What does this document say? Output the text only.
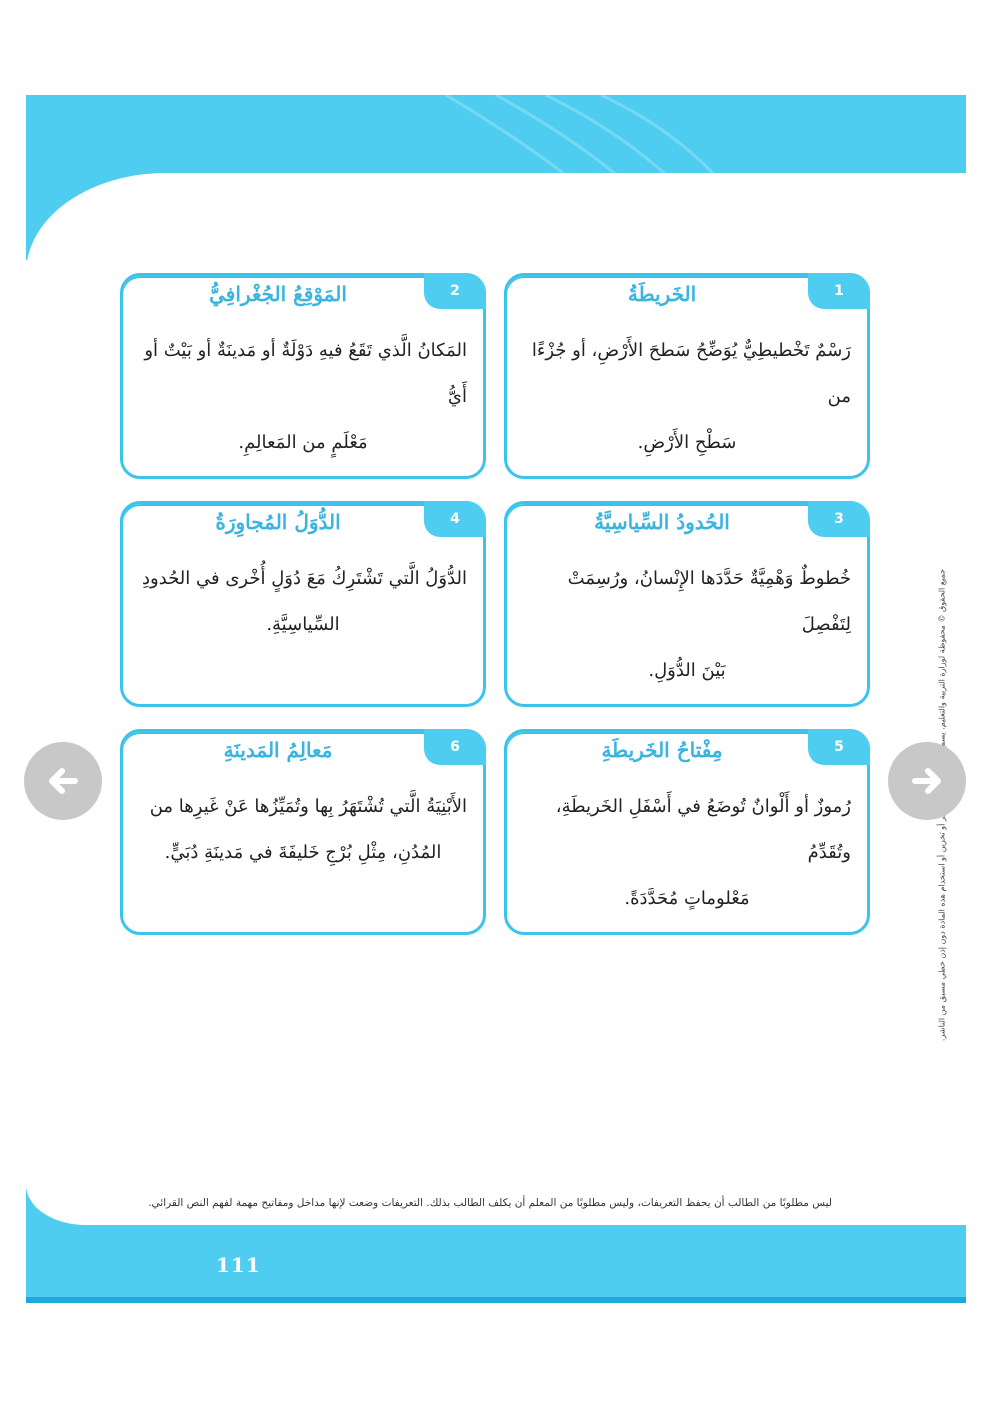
1
الخَريطَةُ
رَسْمٌ تَخْطيطِيٌّ يُوَضِّحُ سَطحَ الأَرْضِ، أو جُزْءًا من
سَطْحِ الأَرْضِ.
2
المَوْقِعُ الجُغْرافِيُّ
المَكانُ الَّذي تَقَعُ فيهِ دَوْلَةٌ أو مَدينَةٌ أو بَيْتٌ أو أَيُّ
مَعْلَمٍ من المَعالِمِ.
3
الحُدودُ السِّياسِيَّةُ
خُطوطٌ وَهْمِيَّةٌ حَدَّدَها الإِنْسانُ، ورُسِمَتْ لِتَفْصِلَ
بَيْنَ الدُّوَلِ.
4
الدُّوَلُ المُجاوِرَةُ
الدُّوَلُ الَّتي تَشْتَرِكُ مَعَ دُوَلٍ أُخْرى في الحُدودِ
السِّياسِيَّةِ.
5
مِفْتاحُ الخَريطَةِ
رُموزٌ أو أَلْوانٌ تُوضَعُ في أَسْفَلِ الخَريطَةِ، وتُقَدِّمُ
مَعْلوماتٍ مُحَدَّدَةً.
6
مَعالِمُ المَدينَةِ
الأَبْنِيَةُ الَّتي تُشْتَهَرُ بِها وتُمَيِّزُها عَنْ غَيرِها من
المُدُنِ، مِثْلِ بُرْجِ خَليفَةَ في مَدينَةِ دُبَيٍّ.
ليس مطلوبًا من الطالب أن يحفظ التعريفات، وليس مطلوبًا من المعلم أن يكلف الطالب بذلك. التعريفات وضعت لإنها مداخل ومفاتيح مهمة لفهم النص القرائي.
111
